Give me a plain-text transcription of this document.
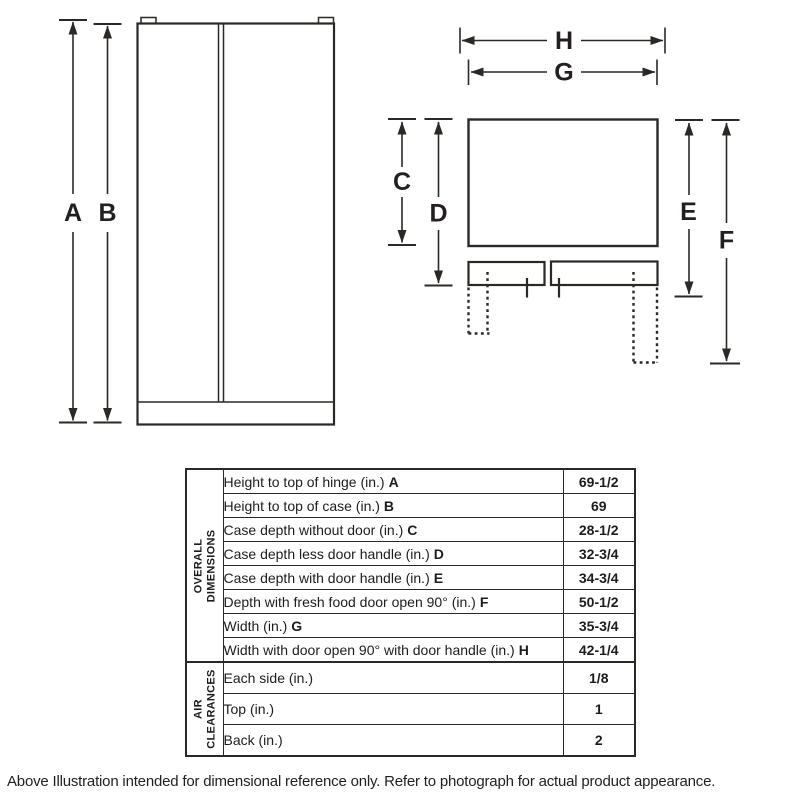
A B
H
G
C
D	E
F
OVERALL DIMENSIONS	Height to top of hinge (in.) A	69-1/2
	Height to top of case (in.) B	69
	Case depth without door (in.) C	28-1/2
	Case depth less door handle (in.) D	32-3/4
	Case depth with door handle (in.) E	34-3/4
	Depth with fresh food door open 90° (in.) F	50-1/2
	Width (in.) G	35-3/4
	Width with door open 90° with door handle (in.) H	42-1/4

AIR CLEARANCES	Each side (in.)	1/8
	Top (in.)	1
	Back (in.)	2
Above Illustration intended for dimensional reference only. Refer to photograph for actual product appearance.
